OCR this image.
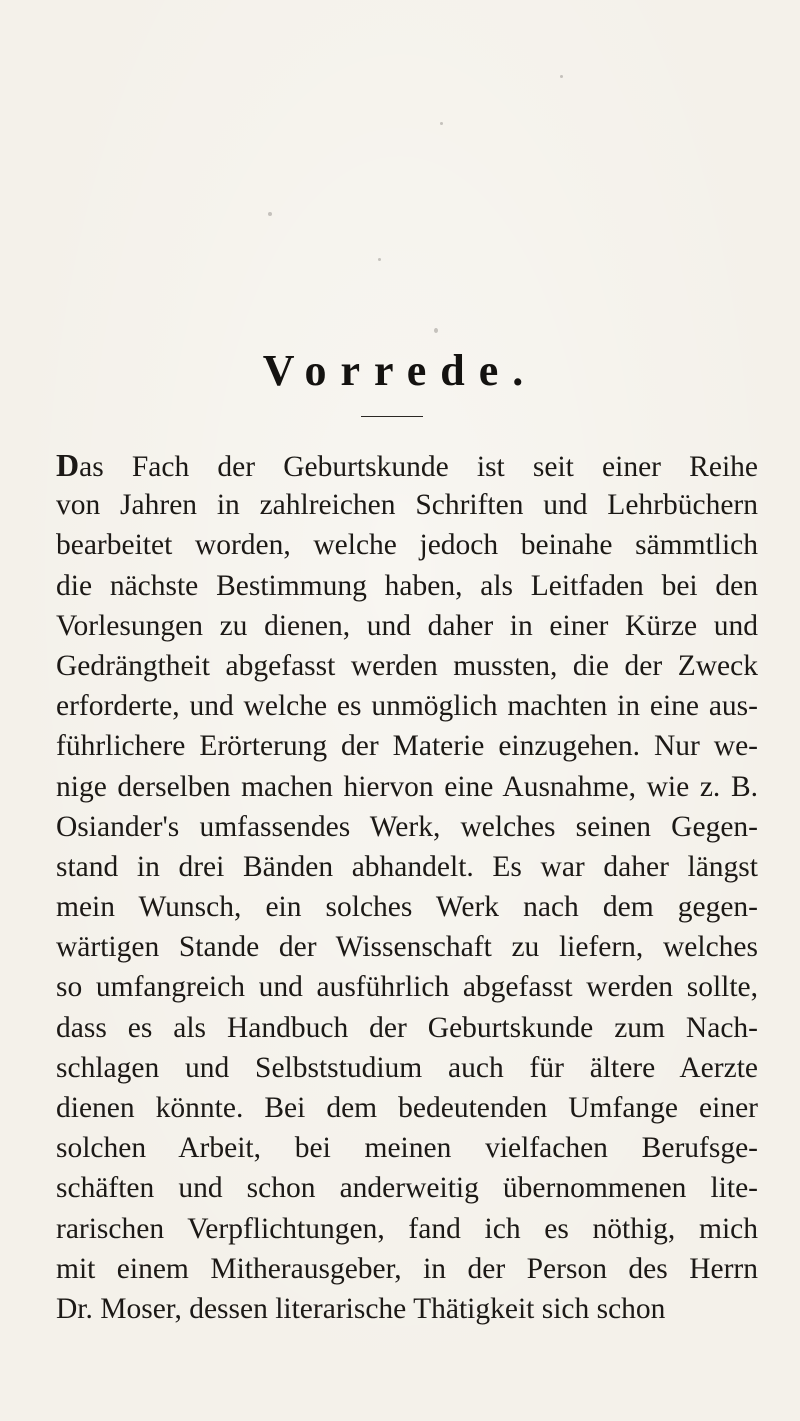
Vorrede.
Das Fach der Geburtskunde ist seit einer Reihe
von Jahren in zahlreichen Schriften und Lehrbüchern
bearbeitet worden, welche jedoch beinahe sämmtlich
die nächste Bestimmung haben, als Leitfaden bei den
Vorlesungen zu dienen, und daher in einer Kürze und
Gedrängtheit abgefasst werden mussten, die der Zweck
erforderte, und welche es unmöglich machten in eine aus-
führlichere Erörterung der Materie einzugehen. Nur we-
nige derselben machen hiervon eine Ausnahme, wie z. B.
Osiander's umfassendes Werk, welches seinen Gegen-
stand in drei Bänden abhandelt. Es war daher längst
mein Wunsch, ein solches Werk nach dem gegen-
wärtigen Stande der Wissenschaft zu liefern, welches
so umfangreich und ausführlich abgefasst werden sollte,
dass es als Handbuch der Geburtskunde zum Nach-
schlagen und Selbststudium auch für ältere Aerzte
dienen könnte. Bei dem bedeutenden Umfange einer
solchen Arbeit, bei meinen vielfachen Berufsge-
schäften und schon anderweitig übernommenen lite-
rarischen Verpflichtungen, fand ich es nöthig, mich
mit einem Mitherausgeber, in der Person des Herrn
Dr. Moser, dessen literarische Thätigkeit sich schon
